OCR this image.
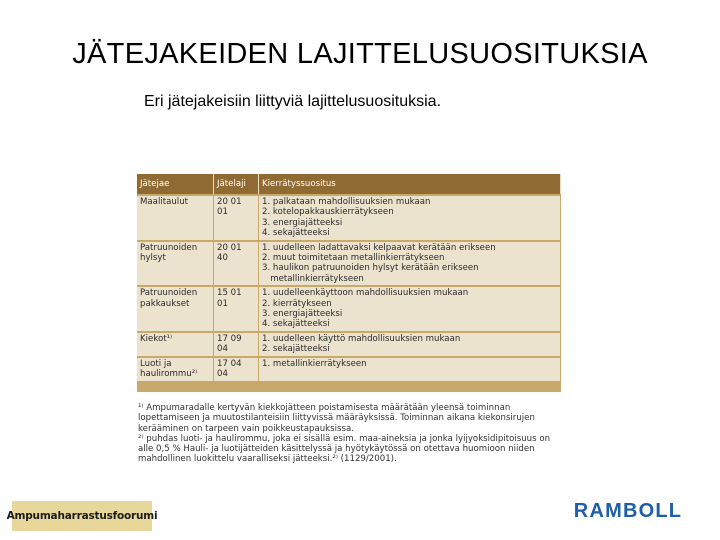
JÄTEJAKEIDEN LAJITTELUSUOSITUKSIA
Eri jätejakeisiin liittyviä lajittelusuosituksia.
Jätejae	Jätelaji	Kierrätyssuositus

Maalitaulut	20 01 01	1. palkataan mahdollisuuksien mukaan
2. kotelopakkauskierrätykseen
3. energiajätteeksi
4. sekajätteeksi

Patruunoiden
hylsyt	20 01 40	1. uudelleen ladattavaksi kelpaavat kerätään erikseen
2. muut toimitetaan metallinkierrätykseen
3. haulikon patruunoiden hylsyt kerätään erikseen
metallinkierrätykseen

Patruunoiden
pakkaukset	15 01 01	1. uudelleenkäyttoon mahdollisuuksien mukaan
2. kierrätykseen
3. energiajätteeksi
4. sekajätteeksi

Kiekot¹⁾	17 09 04	1. uudelleen käyttö mahdollisuuksien mukaan
2. sekajätteeksi

Luoti ja
haulirommu²⁾	17 04 04	1. metallinkierrätykseen
¹⁾ Ampumaradalle kertyvän kiekkojätteen poistamisesta määrätään yleensä toiminnan lopettamiseen ja muutostilanteisiin liittyvissä määräyksissä. Toiminnan aikana kiekonsirujen kerääminen on tarpeen vain poikkeustapauksissa.
²⁾ puhdas luoti- ja haulirommu, joka ei sisällä esim. maa-aineksia ja jonka lyijyoksidipitoisuus on alle 0,5 % Hauli- ja luotijätteiden käsittelyssä ja hyötykäytössä on otettava huomioon niiden mahdollinen luokittelu vaaralliseksi jätteeksi.²⁾ (1129/2001).
Ampumaharrastusfoorumi	RAMBOLL
